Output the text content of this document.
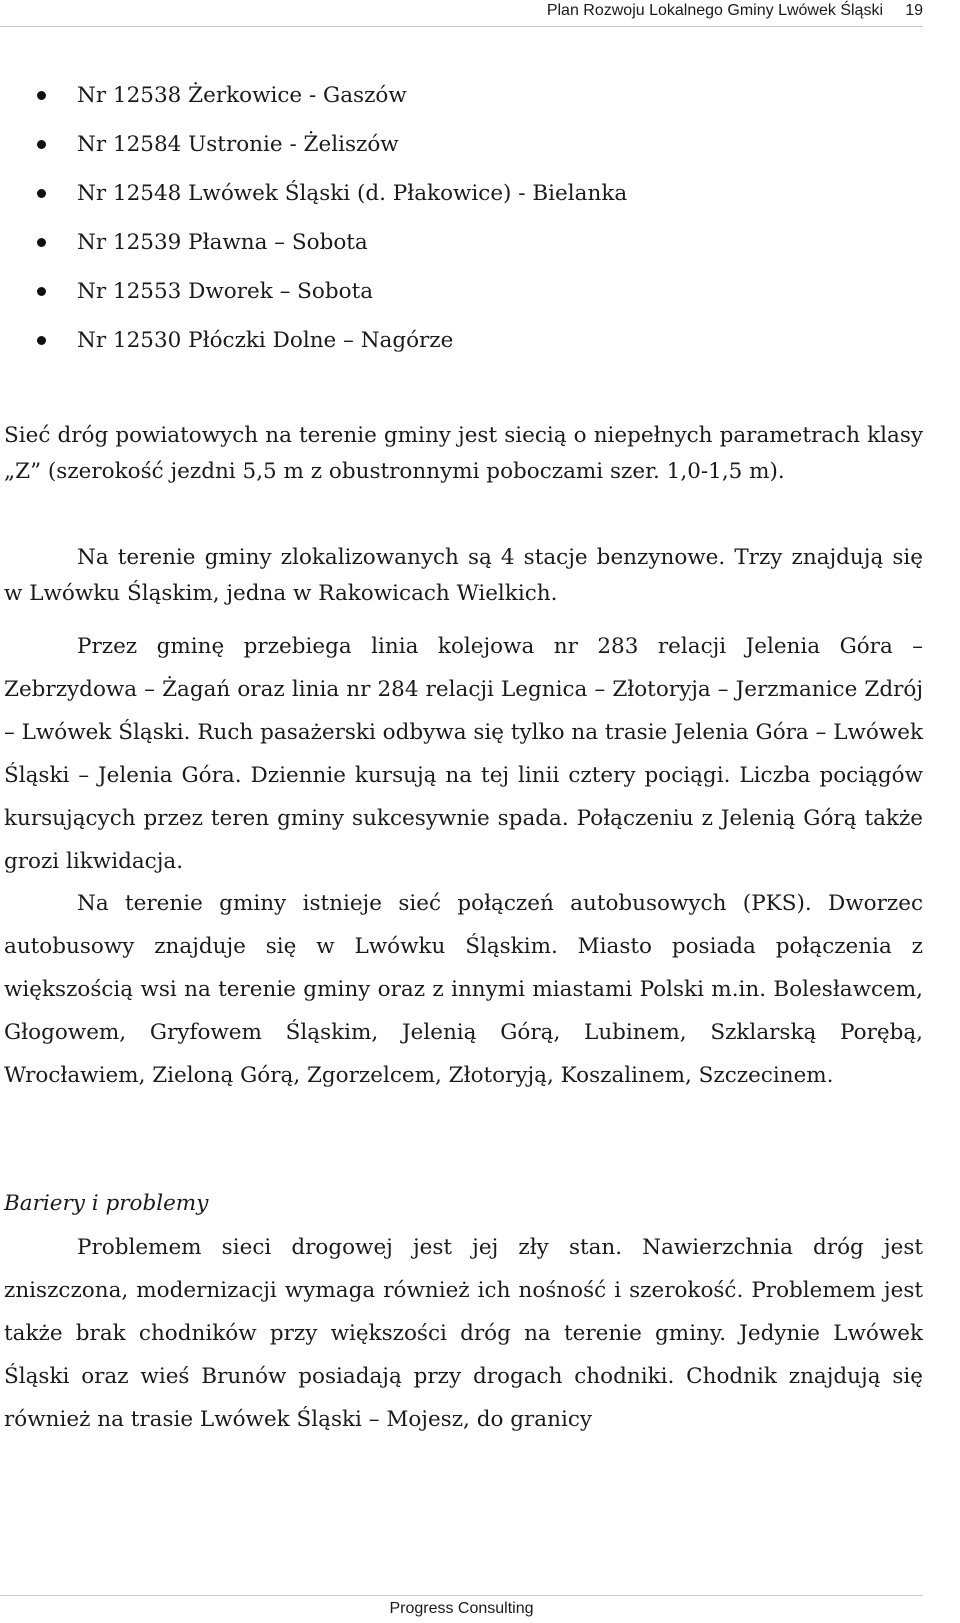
Plan Rozwoju Lokalnego Gminy Lwówek Śląski 19
Nr 12538 Żerkowice - Gaszów
Nr 12584 Ustronie - Żeliszów
Nr 12548 Lwówek Śląski (d. Płakowice) - Bielanka
Nr 12539 Pławna – Sobota
Nr 12553 Dworek – Sobota
Nr 12530 Płóczki Dolne – Nagórze

Sieć dróg powiatowych na terenie gminy jest siecią o niepełnych parametrach klasy „Z” (szerokość jezdni 5,5 m z obustronnymi poboczami szer. 1,0-1,5 m).

Na terenie gminy zlokalizowanych są 4 stacje benzynowe. Trzy znajdują się w Lwówku Śląskim, jedna w Rakowicach Wielkich.

Przez gminę przebiega linia kolejowa nr 283 relacji Jelenia Góra – Zebrzydowa – Żagań oraz linia nr 284 relacji Legnica – Złotoryja – Jerzmanice Zdrój – Lwówek Śląski. Ruch pasażerski odbywa się tylko na trasie Jelenia Góra – Lwówek Śląski – Jelenia Góra. Dziennie kursują na tej linii cztery pociągi. Liczba pociągów kursujących przez teren gminy sukcesywnie spada. Połączeniu z Jelenią Górą także grozi likwidacja.

Na terenie gminy istnieje sieć połączeń autobusowych (PKS). Dworzec autobusowy znajduje się w Lwówku Śląskim. Miasto posiada połączenia z większością wsi na terenie gminy oraz z innymi miastami Polski m.in. Bolesławcem, Głogowem, Gryfowem Śląskim, Jelenią Górą, Lubinem, Szklarską Porębą, Wrocławiem, Zieloną Górą, Zgorzelcem, Złotoryją, Koszalinem, Szczecinem.

Bariery i problemy

Problemem sieci drogowej jest jej zły stan. Nawierzchnia dróg jest zniszczona, modernizacji wymaga również ich nośność i szerokość. Problemem jest także brak chodników przy większości dróg na terenie gminy. Jedynie Lwówek Śląski oraz wieś Brunów posiadają przy drogach chodniki. Chodnik znajdują się również na trasie Lwówek Śląski – Mojesz, do granicy

Progress Consulting
